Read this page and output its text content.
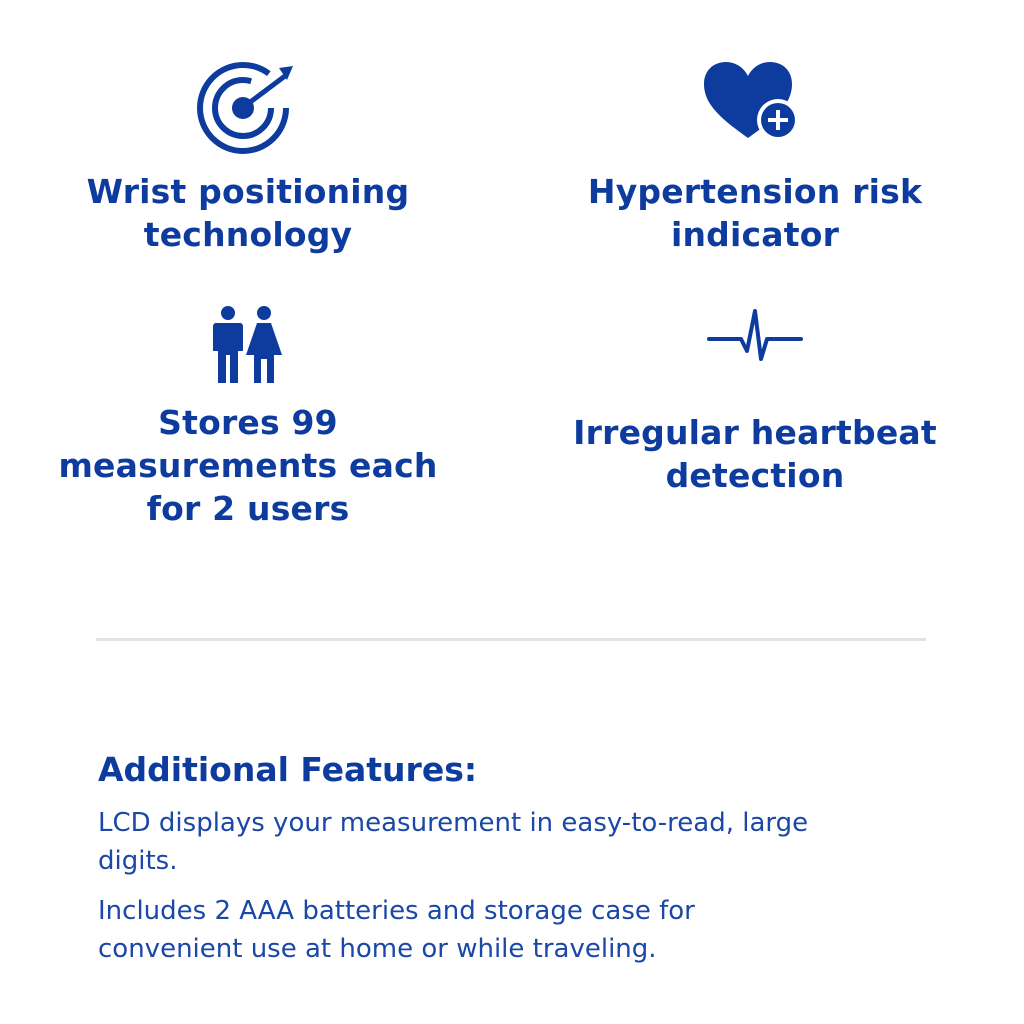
Wrist positioning technology

Hypertension risk indicator

Stores 99 measurements each for 2 users

Irregular heartbeat detection

Additional Features:

LCD displays your measurement in easy-to-read, large digits.

Includes 2 AAA batteries and storage case for convenient use at home or while traveling.
